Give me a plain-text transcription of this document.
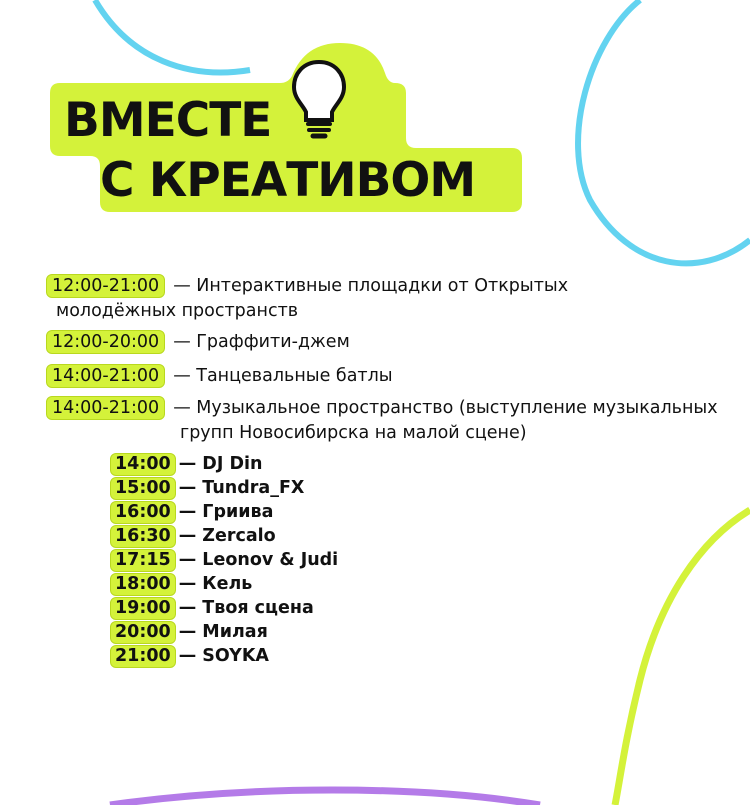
ВМЕСТЕ
С КРЕАТИВОМ
12:00-21:00 — Интерактивные площадки от Открытых
молодёжных пространств
12:00-20:00 — Граффити-джем
14:00-21:00 — Танцевальные батлы
14:00-21:00 — Музыкальное пространство (выступление музыкальных
групп Новосибирска на малой сцене)
14:00 — DJ Din
15:00 — Tundra_FX
16:00 — Гриива
16:30 — Zercalo
17:15 — Leonov & Judi
18:00 — Кель
19:00 — Твоя сцена
20:00 — Милая
21:00 — SOYKA
